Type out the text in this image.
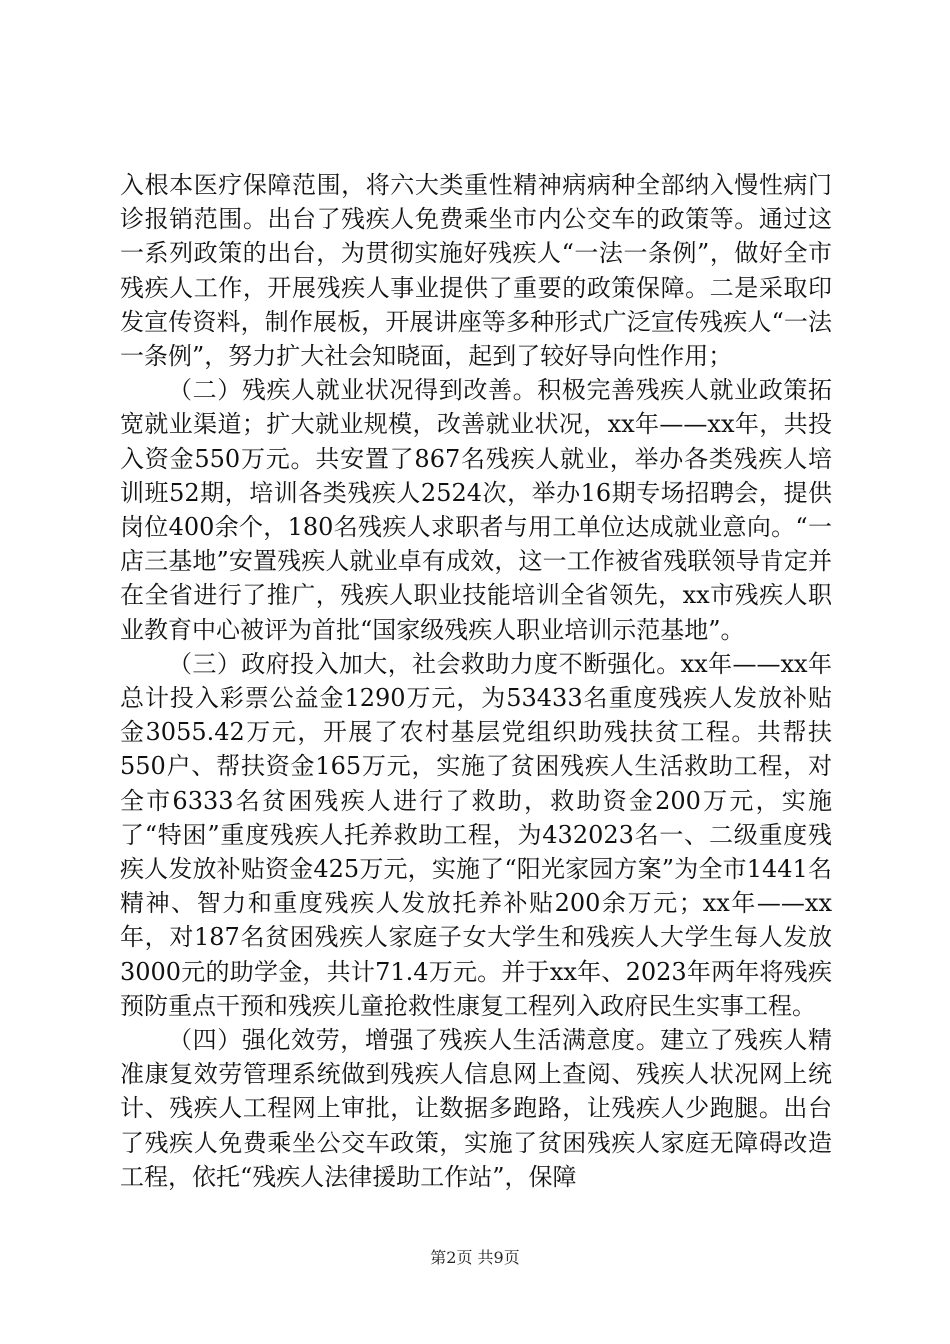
入根本医疗保障范围，将六大类重性精神病病种全部纳入慢性病门诊报销范围。出台了残疾人免费乘坐市内公交车的政策等。通过这一系列政策的出台，为贯彻实施好残疾人“一法一条例”，做好全市残疾人工作，开展残疾人事业提供了重要的政策保障。二是采取印发宣传资料，制作展板，开展讲座等多种形式广泛宣传残疾人“一法一条例”，努力扩大社会知晓面，起到了较好导向性作用；

（二）残疾人就业状况得到改善。积极完善残疾人就业政策拓宽就业渠道；扩大就业规模，改善就业状况，xx年——xx年，共投入资金550万元。共安置了867名残疾人就业，举办各类残疾人培训班52期，培训各类残疾人2524次，举办16期专场招聘会，提供岗位400余个，180名残疾人求职者与用工单位达成就业意向。“一店三基地”安置残疾人就业卓有成效，这一工作被省残联领导肯定并在全省进行了推广，残疾人职业技能培训全省领先，xx市残疾人职业教育中心被评为首批“国家级残疾人职业培训示范基地”。

（三）政府投入加大，社会救助力度不断强化。xx年——xx年总计投入彩票公益金1290万元，为53433名重度残疾人发放补贴金3055.42万元，开展了农村基层党组织助残扶贫工程。共帮扶550户、帮扶资金165万元，实施了贫困残疾人生活救助工程，对全市6333名贫困残疾人进行了救助，救助资金200万元，实施了“特困”重度残疾人托养救助工程，为432023名一、二级重度残疾人发放补贴资金425万元，实施了“阳光家园方案”为全市1441名精神、智力和重度残疾人发放托养补贴200余万元；xx年——xx年，对187名贫困残疾人家庭子女大学生和残疾人大学生每人发放3000元的助学金，共计71.4万元。并于xx年、2023年两年将残疾预防重点干预和残疾儿童抢救性康复工程列入政府民生实事工程。

（四）强化效劳，增强了残疾人生活满意度。建立了残疾人精准康复效劳管理系统做到残疾人信息网上查阅、残疾人状况网上统计、残疾人工程网上审批，让数据多跑路，让残疾人少跑腿。出台了残疾人免费乘坐公交车政策，实施了贫困残疾人家庭无障碍改造工程，依托“残疾人法律援助工作站”，保障

第2页 共9页
